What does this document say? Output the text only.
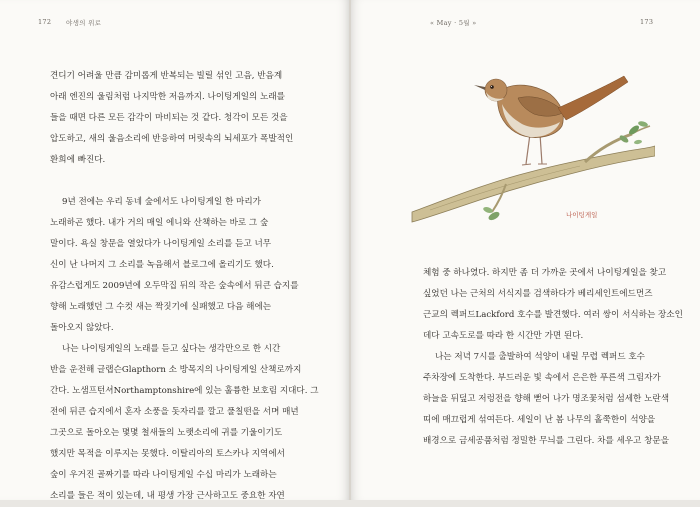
172 야생의 위로	« May · 5월 »	173

견디기 어려울 만큼 감미롭게 반복되는 빌릴 섞인 고음, 반음계

아래 엔진의 울림처럼 나지막한 저음까지. 나이팅게일의 노래를

들을 때면 다른 모든 감각이 마비되는 것 같다. 청각이 모든 것을

압도하고, 새의 울음소리에 반응하여 머릿속의 뇌세포가 폭발적인

환희에 빠진다.

9년 전에는 우리 동네 숲에서도 나이팅게일 한 마리가

노래하곤 했다. 내가 거의 매일 에니와 산책하는 바로 그 숲

말이다. 욕실 창문을 열었다가 나이팅게일 소리를 듣고 너무

신이 난 나머지 그 소리를 녹음해서 블로그에 올리기도 했다.

유감스럽게도 2009년에 오두막집 뒤의 작은 숲속에서 뒤큰 습지를

향해 노래했던 그 수컷 새는 짝짓기에 실패했고 다음 해에는

돌아오지 않았다.

나는 나이팅게일의 노래를 듣고 싶다는 생각만으로 한 시간

반을 운전해 글랩슨Glapthorn 소 방목지의 나이팅게일 산책로까지

간다. 노샘프턴셔Northamptonshire에 있는 훌륭한 보호림 지대다. 그

전에 뒤큰 습지에서 혼자 소풍을 돗자리를 깔고 풀칠떤을 서며 매년

그곳으로 돌아오는 몇몇 철새들의 노랫소리에 귀를 기울이기도

했지만 목적을 이루지는 못했다. 이탈리아의 토스카나 지역에서

숲이 우거진 골짜기를 따라 나이팅게일 수십 마리가 노래하는

소리를 들은 적이 있는데, 내 평생 가장 근사하고도 중요한 자연

나이팅게일

체험 중 하나였다. 하지만 좀 더 가까운 곳에서 나이팅게일을 찾고

싶었던 나는 근처의 서식지를 검색하다가 베리세인트에드먼즈

근교의 렉퍼드Lackford 호수를 발견했다. 여러 쌍이 서식하는 장소인

데다 고속도로를 따라 한 시간만 가면 된다.

나는 저녁 7시를 출발하여 석양이 내릴 무렵 렉퍼드 호수

주차장에 도착한다. 부드러운 빛 속에서 은은한 푸른색 그림자가

하늘을 뒤덮고 저렁전을 향해 뻗어 나가 명조꽃처럼 섬세한 노란색

띠에 매끄럽게 섞여든다. 세일이 난 봄 나무의 홀쭉한이 석양을

배경으로 금세공품처럼 정밀한 무늬를 그린다. 차를 세우고 창문을
